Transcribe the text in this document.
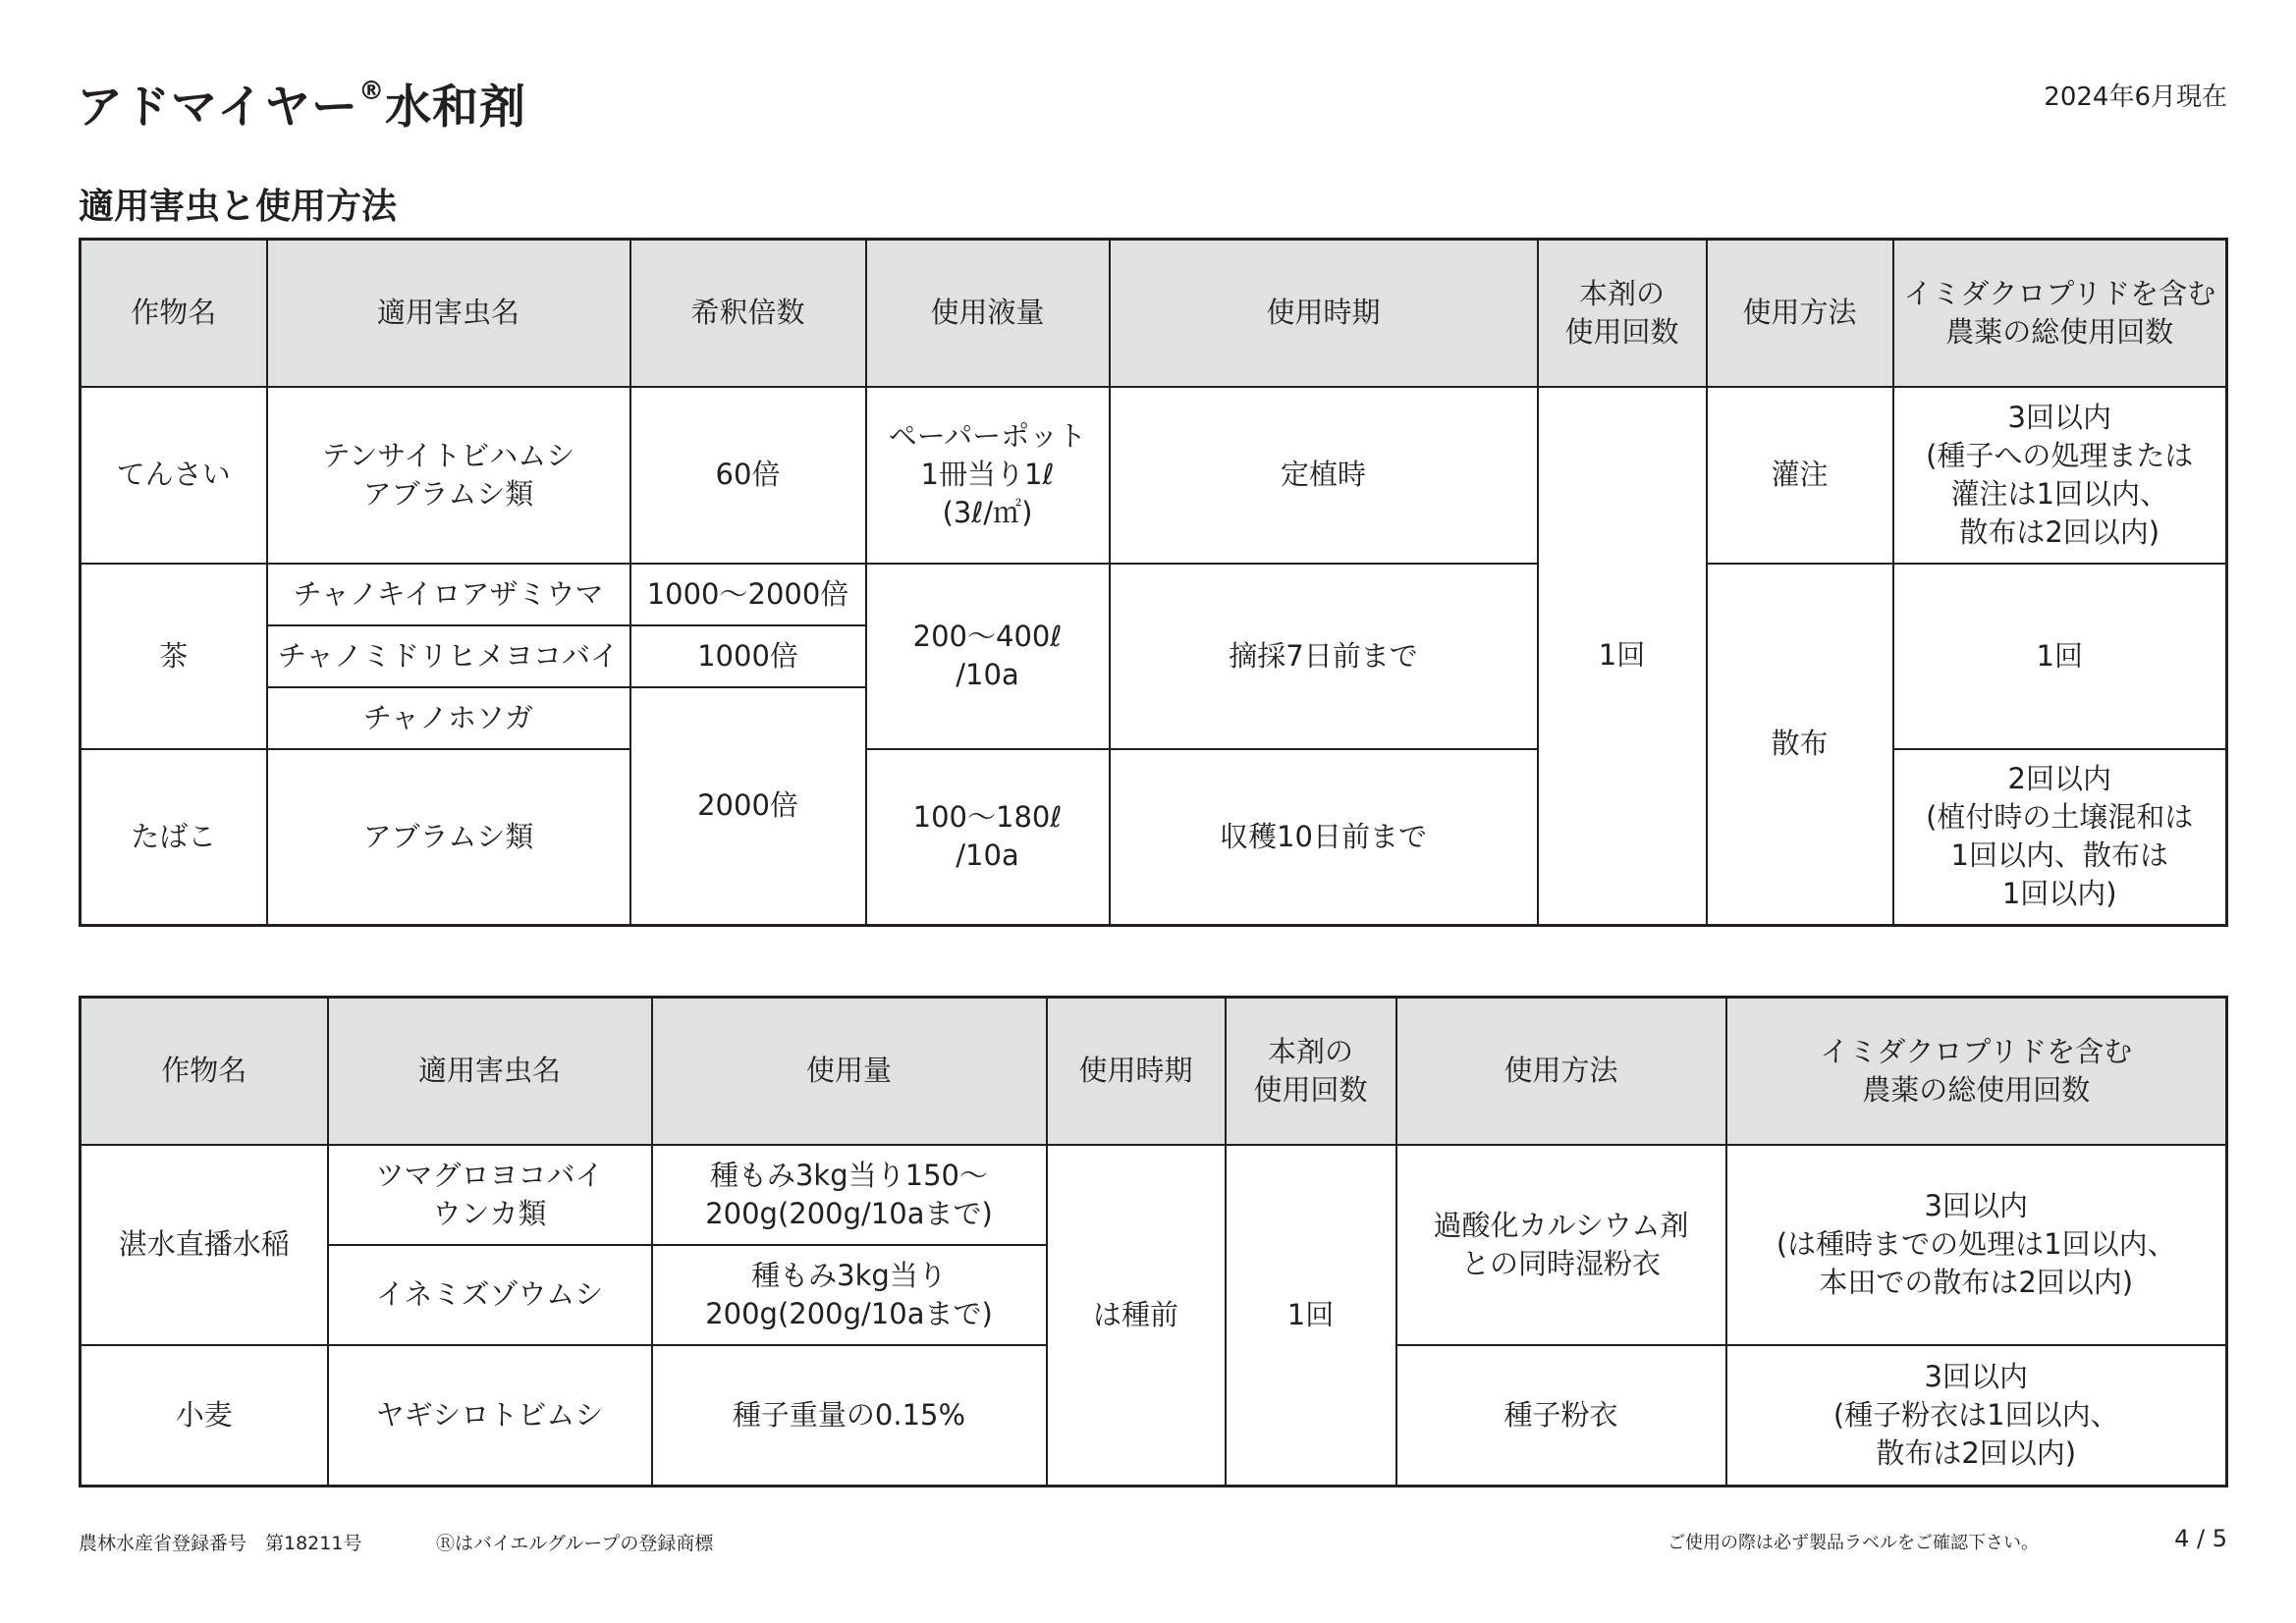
アドマイヤー®水和剤	2024年6月現在
適用害虫と使用方法
作物名	適用害虫名	希釈倍数	使用液量	使用時期	本剤の
使用回数	使用方法	イミダクロプリドを含む
農薬の総使用回数
てんさい	テンサイトビハムシ
アブラムシ類	60倍	ペーパーポット
1冊当り1ℓ
(3ℓ/㎡)	定植時	1回	灌注	3回以内
(種子への処理または
灌注は1回以内、
散布は2回以内)
茶	チャノキイロアザミウマ	1000〜2000倍	200〜400ℓ
/10a	摘採7日前まで		散布	1回
	チャノミドリヒメヨコバイ	1000倍					
	チャノホソガ	2000倍					
たばこ	アブラムシ類		100〜180ℓ
/10a	収穫10日前まで			2回以内
(植付時の土壌混和は
1回以内、散布は
1回以内)
作物名	適用害虫名	使用量	使用時期	本剤の
使用回数	使用方法	イミダクロプリドを含む
農薬の総使用回数
湛水直播水稲	ツマグロヨコバイ
ウンカ類	種もみ3kg当り150〜
200g(200g/10aまで)	は種前	1回	過酸化カルシウム剤
との同時湿粉衣	3回以内
(は種時までの処理は1回以内、
本田での散布は2回以内)
	イネミズゾウムシ	種もみ3kg当り
200g(200g/10aまで)				
小麦	ヤギシロトビムシ	種子重量の0.15%			種子粉衣	3回以内
(種子粉衣は1回以内、
散布は2回以内)
農林水産省登録番号　第18211号	Ⓡはバイエルグループの登録商標	ご使用の際は必ず製品ラベルをご確認下さい。	4 / 5
